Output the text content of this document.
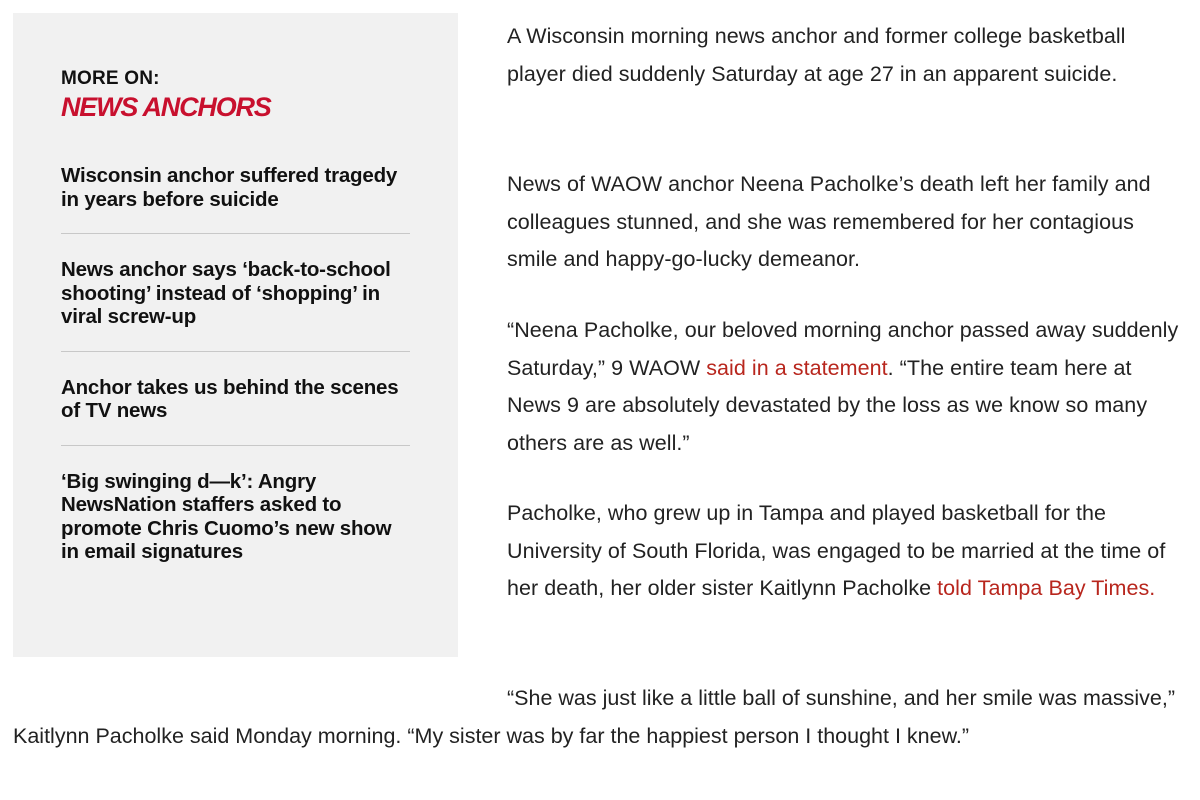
MORE ON:
NEWS ANCHORS
Wisconsin anchor suffered tragedy in years before suicide
News anchor says ‘back-to-school shooting’ instead of ‘shopping’ in viral screw-up
Anchor takes us behind the scenes of TV news
‘Big swinging d—k’: Angry NewsNation staffers asked to promote Chris Cuomo’s new show in email signatures

A Wisconsin morning news anchor and former college basketball player died suddenly Saturday at age 27 in an apparent suicide.

News of WAOW anchor Neena Pacholke’s death left her family and colleagues stunned, and she was remembered for her contagious smile and happy-go-lucky demeanor.

“Neena Pacholke, our beloved morning anchor passed away suddenly Saturday,” 9 WAOW said in a statement. “The entire team here at News 9 are absolutely devastated by the loss as we know so many others are as well.”

Pacholke, who grew up in Tampa and played basketball for the University of South Florida, was engaged to be married at the time of her death, her older sister Kaitlynn Pacholke told Tampa Bay Times.

“She was just like a little ball of sunshine, and her smile was massive,” Kaitlynn Pacholke said Monday morning. “My sister was by far the happiest person I thought I knew.”
